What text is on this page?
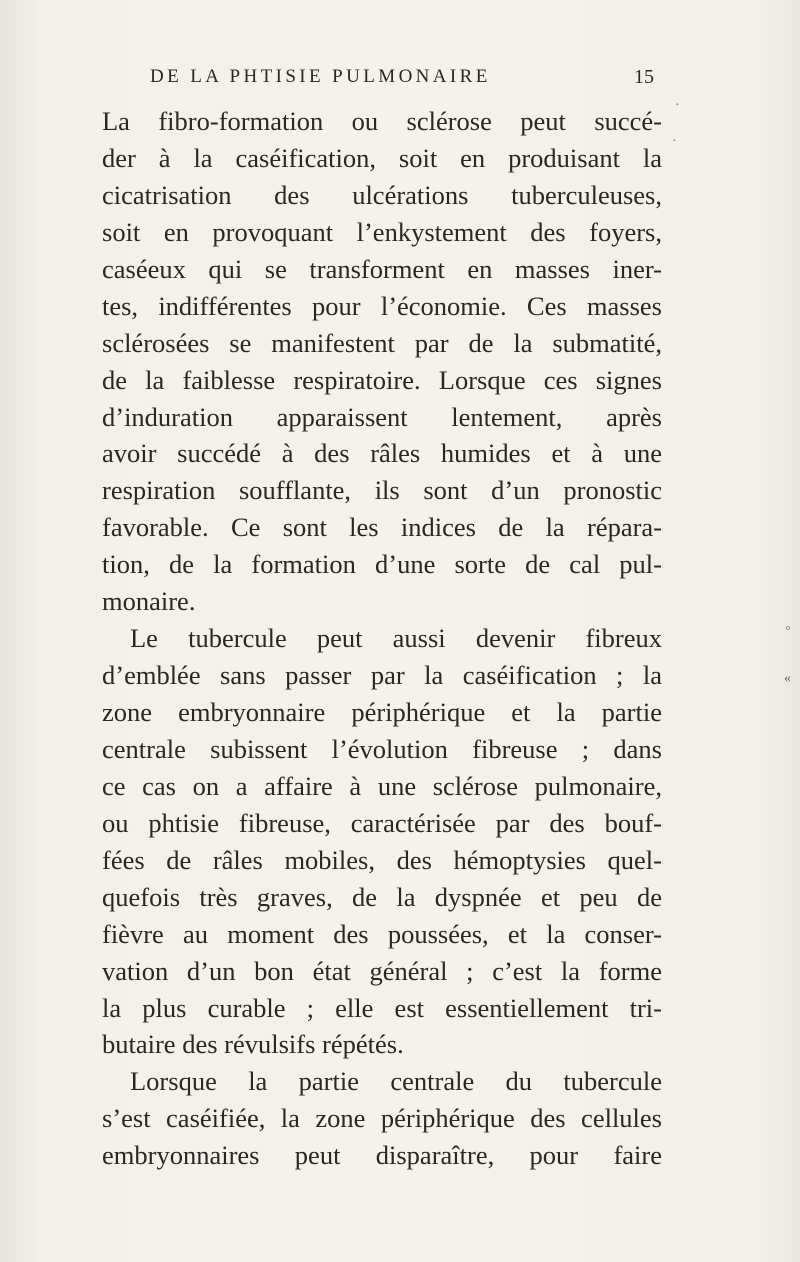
DE LA PHTISIE PULMONAIRE	15
La fibro-formation ou sclérose peut succé-
der à la caséification, soit en produisant la
cicatrisation des ulcérations tuberculeuses,
soit en provoquant l’enkystement des foyers,
caséeux qui se transforment en masses iner-
tes, indifférentes pour l’économie. Ces masses
sclérosées se manifestent par de la submatité,
de la faiblesse respiratoire. Lorsque ces signes
d’induration apparaissent lentement, après
avoir succédé à des râles humides et à une
respiration soufflante, ils sont d’un pronostic
favorable. Ce sont les indices de la répara-
tion, de la formation d’une sorte de cal pul-
monaire.
Le tubercule peut aussi devenir fibreux
d’emblée sans passer par la caséification ; la
zone embryonnaire périphérique et la partie
centrale subissent l’évolution fibreuse ; dans
ce cas on a affaire à une sclérose pulmonaire,
ou phtisie fibreuse, caractérisée par des bouf-
fées de râles mobiles, des hémoptysies quel-
quefois très graves, de la dyspnée et peu de
fièvre au moment des poussées, et la conser-
vation d’un bon état général ; c’est la forme
la plus curable ; elle est essentiellement tri-
butaire des révulsifs répétés.
Lorsque la partie centrale du tubercule
s’est caséifiée, la zone périphérique des cellules
embryonnaires peut disparaître, pour faire
·
·
ᵒ
«
